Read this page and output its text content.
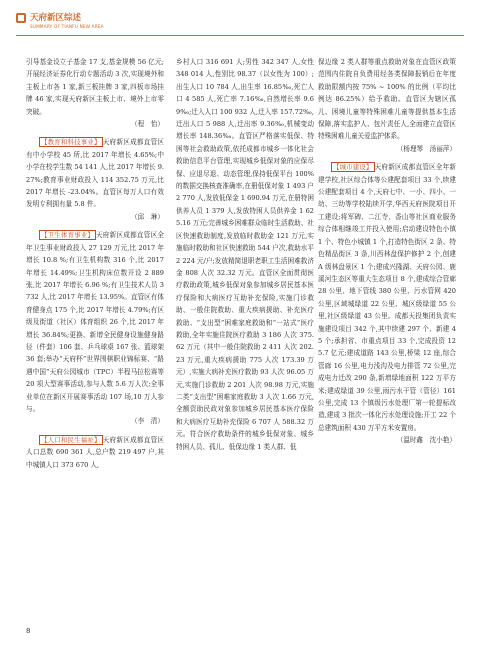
天府新区综述
SUMMARY OF TIANFU NEW AREA

引导基金设立子基金 17 支,基金规模 56 亿元;开展经济证券化行动专题活动 3 次,实现境外和主板上市各 1 家,新三板挂牌 3 家,四板市场挂牌 46 家,实现天府新区主板上市、境外上市零突破。

（程　怡）

【教育和科技事业】 天府新区成都直管区有中小学校 45 所,比 2017 年增长 4.65%;中小学在校学生数 54 141 人,比 2017 年增长 9.27%;教育事业财政投入 114 352.75 万元,比 2017 年增长 -23.04%。直管区每万人口有效发明专利拥有量 5.8 件。

（邱　琳）

【卫生体育事业】 天府新区成都直管区全年卫生事业财政投入 27 129 万元,比 2017 年增长 10.8 %;有卫生机构数 316 个,比 2017 年增长 14.49%;卫生机构床位数开设 2 889 张,比 2017 年增长 6.96 %;有卫生技术人员 3 732 人,比 2017 年增长 13.95%。直管区有体育健身点 175 个,比 2017 年增长 4.79%;有区级及街道（社区）体育组织 26 个,比 2017 年增长 36.84%;更换、新增全民健身设施健身路径（件套）106 套、乒乓球桌 167 张、篮球架 36 套;举办“天府杯”世界围棋职业锦标赛、“路遇中国”天府公园城市（TPC）半程马拉松赛等 20 项大型赛事活动,参与人数 5.6 万人次;全事业单位在新区开展赛事活动 107 场,10 万人参与。

（李　清）

【人口和民生福祉】 天府新区成都直管区人口总数 690 361 人,总户数 219 497 户,其中城镇人口 373 670 人,

乡村人口 316 691 人;男性 342 347 人,女性 348 014 人,性别比 98.37（以女性为 100）;出生人口 10 784 人,出生率 16.85‰,死亡人口 4 585 人,死亡率 7.16‰,自然增长率 9.69‰;迁入人口 100 932 人,迁入率 157.72‰,迁出人口 5 988 人,迁出率 9.36‰,机械变动增长率 148.36‰。直管区严格落实低保、特困等社会救助政策,依托成都市城乡一体化社会救助信息平台管理,实现城乡低保对象的应保尽保、应退尽退、动态管理,保持低保平台 100% 的数据交换核查准确率,在册低保对象 1 493 户 2 770 人,发放低保金 1 690.94 万元,在册特困供养人员 1 379 人,发放特困人员供养金 1 625.16 万元;完善城乡困难群众临时生活救助、社区快速救助制度,发放临时救助金 121 万元,实施临时救助和社区快速救助 544 户次,救助水平 2 224 元/户;发放精简退职老职工生活困难救济金 808 人次 32.32 万元。直管区全面贯彻医疗救助政策,城乡低保对象参加城乡居民基本医疗保险和大病医疗互助补充保险,实施门诊救助、一般住院救助、重大疾病援助、补充医疗救助、“支出型”困难家庭救助和“一站式”医疗救助,全年实施住院医疗救助 3 186 人次 375.62 万元（其中一般住院救助 2 411 人次 202.23 万元,重大疾病援助 775 人次 173.39 万元）,实施大病补充医疗救助 93 人次 96.05 万元,实施门诊救助 2 201 人次 98.98 万元,实施二类“支出型”困难家庭救助 3 人次 1.66 万元,全额资助民政对象参加城乡居民基本医疗保险和大病医疗互助补充保险 6 707 人 588.32 万元。符合医疗救助条件的城乡低保对象、城乡特困人员、孤儿、低保边缘 1 类人群、低

保边缘 2 类人群等重点救助对象在直管区政策范围内住院自负费用经各类保障报销后在年度救助限额内按 75% ~ 100% 的比例（平均比例达 86.25%）给予救助。直管区为辖区孤儿、困境儿童等特殊困难儿童等提供基本生活保障,落实监护人、包片责任人,全面建立直管区特殊困难儿童关爱监护体系。

（杨理琴　汤丽萍）

【城市建设】 天府新区成都直管区全年新建学校,社区综合体等公建配套项目 33 个,续建公建配套项目 4 个,天府七中、一小、四小、一幼、三幼等学校陆续开学,华西天府医院项目开工建设;将军碑、二江寺、香山等社区商业服务综合体相继竣工并投入使用;启动建设特色小镇 1 个、特色小城镇 1 个,打造特色街区 2 条、特色精品街区 3 条,川西林盘保护修护 2 个,创建 A 级林盘景区 1 个;建成兴隆湖、天府公园、鹿溪河生态区等重大生态项目 8 个,建成综合管廊 28 公里、地下管线 380 公里、污水管网 420 公里,区域城绿道 22 公里、城区级绿道 55 公里,社区级绿道 43 公里。成都天投集团负责实施建设项目 342 个,其中续建 297 个、新建 45 个;承担省、市重点项目 33 个,完成投资 125.7 亿元;建成道路 143 公里,桥梁 12 座,综合管廊 16 公里,电力浅沟及电力排管 72 公里,完成电力迁改 290 条,新增绿地面积 122 万平方米;建成绿道 39 公里,雨污水干管（管径）161 公里,完成 13 个镇级污水处理厂第一轮提标改造,建成 3 批次一体化污水处理设施;开工 22 个总建筑面积 430 万平方米安置房。

（温时鑫　沈小艳）

8
